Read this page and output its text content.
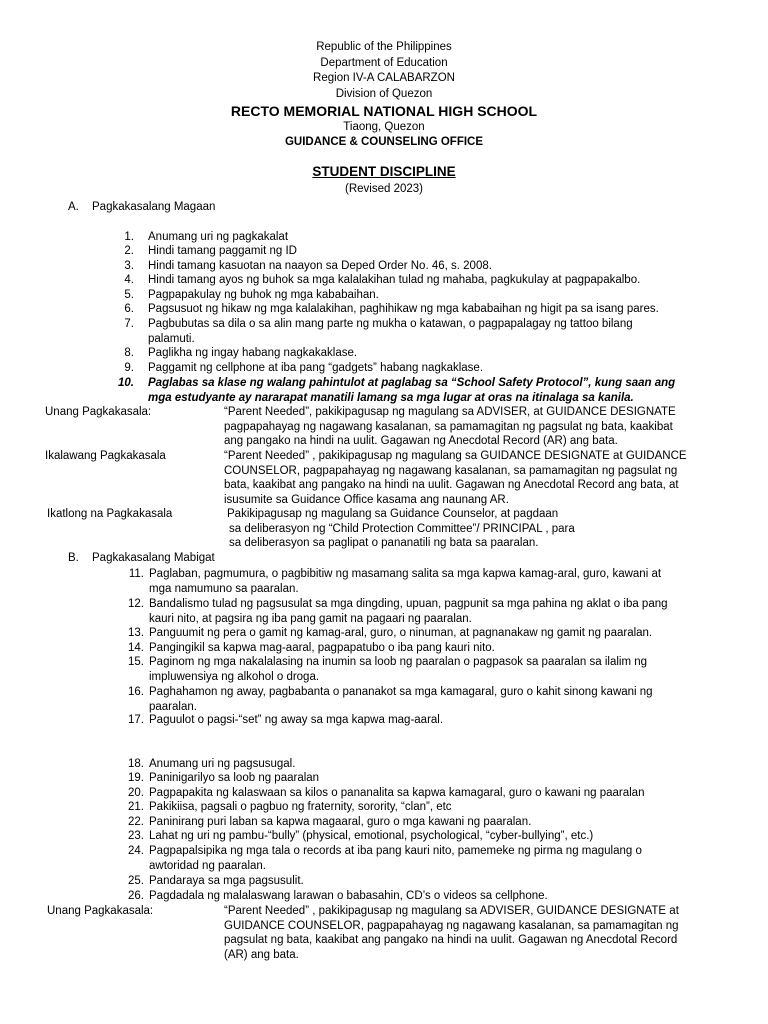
Republic of the Philippines
Department of Education
Region IV-A CALABARZON
Division of Quezon
RECTO MEMORIAL NATIONAL HIGH SCHOOL
Tiaong, Quezon
GUIDANCE & COUNSELING OFFICE
STUDENT DISCIPLINE
(Revised 2023)
A. Pagkakasalang Magaan
1. Anumang uri ng pagkakalat
2. Hindi tamang paggamit ng ID
3. Hindi tamang kasuotan na naayon sa Deped Order No. 46, s. 2008.
4. Hindi tamang ayos ng buhok sa mga kalalakihan tulad ng mahaba, pagkukulay at pagpapakalbo.
5. Pagpapakulay ng buhok ng mga kababaihan.
6. Pagsusuot ng hikaw ng mga kalalakihan, paghihikaw ng mga kababaihan ng higit pa sa isang pares.
7. Pagbubutas sa dila o sa alin mang parte ng mukha o katawan, o pagpapalagay ng tattoo bilang
palamuti.
8. Paglikha ng ingay habang nagkakaklase.
9. Paggamit ng cellphone at iba pang “gadgets” habang nagkaklase.
10. Paglabas sa klase ng walang pahintulot at paglabag sa “School Safety Protocol”, kung saan ang
mga estudyante ay nararapat manatili lamang sa mga lugar at oras na itinalaga sa kanila.
Unang Pagkakasala:	“Parent Needed”, pakikipagusap ng magulang sa ADVISER, at GUIDANCE DESIGNATE
pagpapahayag ng nagawang kasalanan, sa pamamagitan ng pagsulat ng bata, kaakibat
ang pangako na hindi na uulit. Gagawan ng Anecdotal Record (AR) ang bata.
Ikalawang Pagkakasala	“Parent Needed” , pakikipagusap ng magulang sa GUIDANCE DESIGNATE at GUIDANCE
COUNSELOR, pagpapahayag ng nagawang kasalanan, sa pamamagitan ng pagsulat ng
bata, kaakibat ang pangako na hindi na uulit. Gagawan ng Anecdotal Record ang bata, at
isusumite sa Guidance Office kasama ang naunang AR.
Ikatlong na Pagkakasala	Pakikipagusap ng magulang sa Guidance Counselor, at pagdaan
sa deliberasyon ng “Child Protection Committee”/ PRINCIPAL , para
sa deliberasyon sa paglipat o pananatili ng bata sa paaralan.
B. Pagkakasalang Mabigat
11. Paglaban, pagmumura, o pagbibitiw ng masamang salita sa mga kapwa kamag-aral, guro, kawani at
mga namumuno sa paaralan.
12. Bandalismo tulad ng pagsusulat sa mga dingding, upuan, pagpunit sa mga pahina ng aklat o iba pang
kauri nito, at pagsira ng iba pang gamit na pagaari ng paaralan.
13. Panguumit ng pera o gamit ng kamag-aral, guro, o ninuman, at pagnanakaw ng gamit ng paaralan.
14. Pangingikil sa kapwa mag-aaral, pagpapatubo o iba pang kauri nito.
15. Paginom ng mga nakalalasing na inumin sa loob ng paaralan o pagpasok sa paaralan sa ilalim ng
impluwensiya ng alkohol o droga.
16. Paghahamon ng away, pagbabanta o pananakot sa mga kamagaral, guro o kahit sinong kawani ng
paaralan.
17. Paguulot o pagsi-“set” ng away sa mga kapwa mag-aaral.
18. Anumang uri ng pagsusugal.
19. Paninigarilyo sa loob ng paaralan
20. Pagpapakita ng kalaswaan sa kilos o pananalita sa kapwa kamagaral, guro o kawani ng paaralan
21. Pakikiisa, pagsali o pagbuo ng fraternity, sorority, “clan”, etc
22. Paninirang puri laban sa kapwa magaaral, guro o mga kawani ng paaralan.
23. Lahat ng uri ng pambu-“bully” (physical, emotional, psychological, “cyber-bullying”, etc.)
24. Pagpapalsipika ng mga tala o records at iba pang kauri nito, pamemeke ng pirma ng magulang o
awtoridad ng paaralan.
25. Pandaraya sa mga pagsusulit.
26. Pagdadala ng malalaswang larawan o babasahin, CD’s o videos sa cellphone.
Unang Pagkakasala:	“Parent Needed” , pakikipagusap ng magulang sa ADVISER, GUIDANCE DESIGNATE at
GUIDANCE COUNSELOR, pagpapahayag ng nagawang kasalanan, sa pamamagitan ng
pagsulat ng bata, kaakibat ang pangako na hindi na uulit. Gagawan ng Anecdotal Record
(AR) ang bata.
